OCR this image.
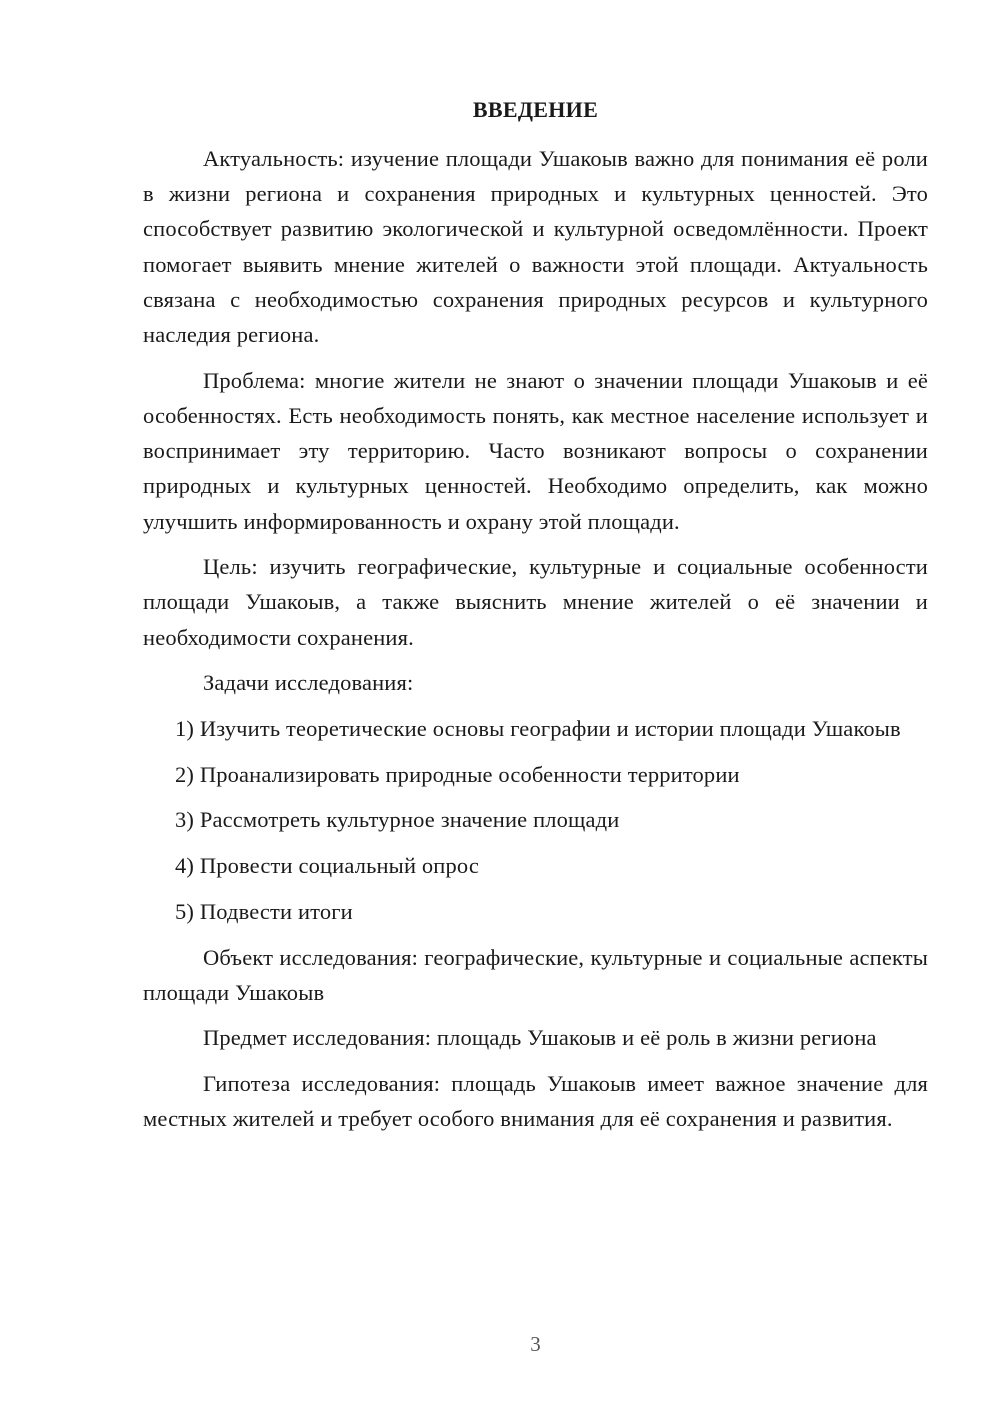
ВВЕДЕНИЕ

Актуальность: изучение площади Ушакоыв важно для понимания её роли в жизни региона и сохранения природных и культурных ценностей. Это способствует развитию экологической и культурной осведомлённости. Проект помогает выявить мнение жителей о важности этой площади. Актуальность связана с необходимостью сохранения природных ресурсов и культурного наследия региона.

Проблема: многие жители не знают о значении площади Ушакоыв и её особенностях. Есть необходимость понять, как местное население использует и воспринимает эту территорию. Часто возникают вопросы о сохранении природных и культурных ценностей. Необходимо определить, как можно улучшить информированность и охрану этой площади.

Цель: изучить географические, культурные и социальные особенности площади Ушакоыв, а также выяснить мнение жителей о её значении и необходимости сохранения.

Задачи исследования:

1) Изучить теоретические основы географии и истории площади Ушакоыв

2) Проанализировать природные особенности территории

3) Рассмотреть культурное значение площади

4) Провести социальный опрос

5) Подвести итоги

Объект исследования: географические, культурные и социальные аспекты площади Ушакоыв

Предмет исследования: площадь Ушакоыв и её роль в жизни региона

Гипотеза исследования: площадь Ушакоыв имеет важное значение для местных жителей и требует особого внимания для её сохранения и развития.

3
